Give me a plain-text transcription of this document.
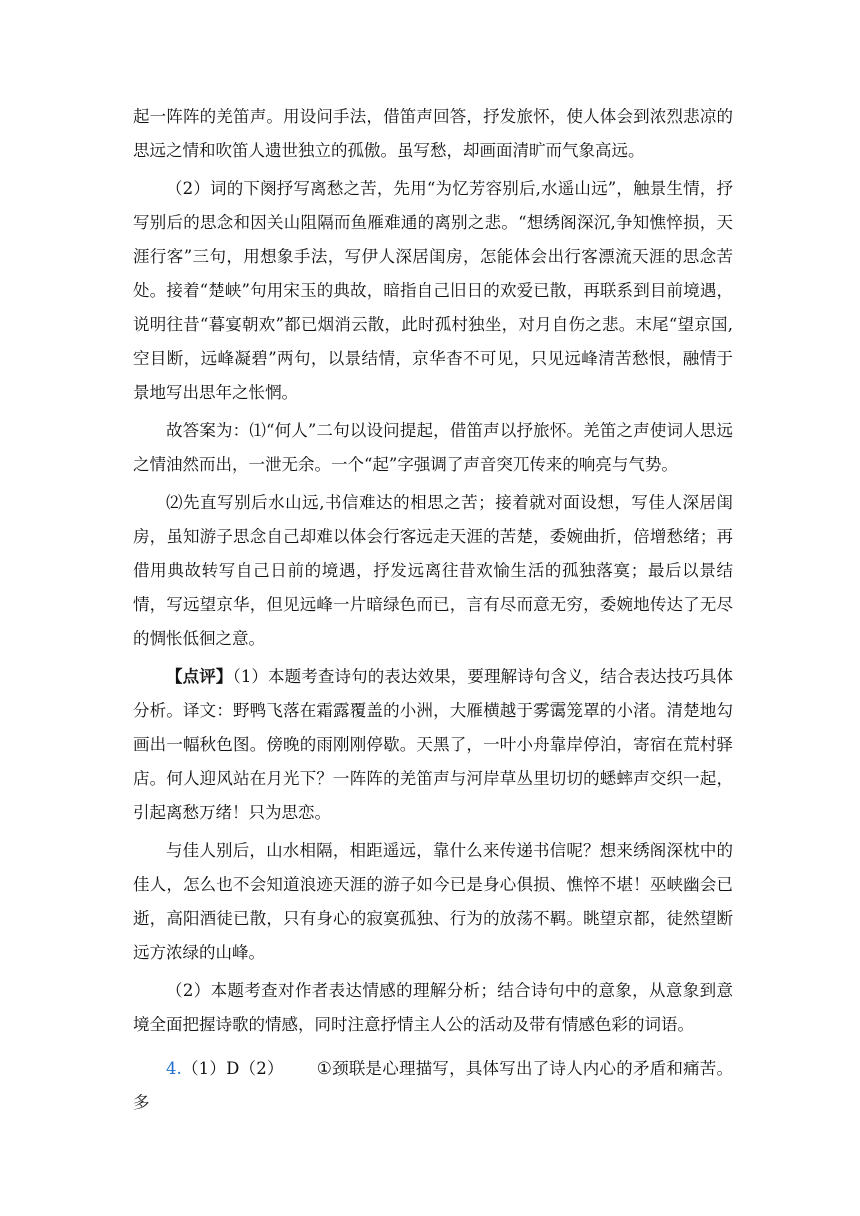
起一阵阵的羌笛声。用设问手法，借笛声回答，抒发旅怀，使人体会到浓烈悲凉的思远之情和吹笛人遗世独立的孤傲。虽写愁，却画面清旷而气象高远。

（2）词的下阕抒写离愁之苦，先用“为忆芳容别后,水遥山远”，触景生情，抒写别后的思念和因关山阻隔而鱼雁难通的离别之悲。“想绣阁深沉,争知憔悴损，天涯行客”三句，用想象手法，写伊人深居闺房，怎能体会出行客漂流天涯的思念苦处。接着“楚峡”句用宋玉的典故，暗指自己旧日的欢爱已散，再联系到目前境遇，说明往昔“暮宴朝欢”都已烟消云散，此时孤村独坐，对月自伤之悲。末尾“望京国,空目断，远峰凝碧”两句，以景结情，京华杳不可见，只见远峰清苦愁恨，融情于景地写出思年之怅惘。

故答案为：⑴“何人”二句以设问提起，借笛声以抒旅怀。羌笛之声使词人思远之情油然而出，一泄无余。一个“起”字强调了声音突兀传来的响亮与气势。

⑵先直写别后水山远,书信难达的相思之苦；接着就对面设想，写佳人深居闺房，虽知游子思念自己却难以体会行客远走天涯的苦楚，委婉曲折，倍增愁绪；再借用典故转写自己日前的境遇，抒发远离往昔欢愉生活的孤独落寞；最后以景结情，写远望京华，但见远峰一片暗绿色而已，言有尽而意无穷，委婉地传达了无尽的惆怅低徊之意。

【点评】（1）本题考查诗句的表达效果，要理解诗句含义，结合表达技巧具体分析。译文：野鸭飞落在霜露覆盖的小洲，大雁横越于雾霭笼罩的小渚。清楚地勾画出一幅秋色图。傍晚的雨刚刚停歇。天黑了，一叶小舟靠岸停泊，寄宿在荒村驿店。何人迎风站在月光下？一阵阵的羌笛声与河岸草丛里切切的蟋蟀声交织一起，引起离愁万绪！只为思恋。

与佳人别后，山水相隔，相距遥远，靠什么来传递书信呢？想来绣阁深枕中的佳人，怎么也不会知道浪迹天涯的游子如今已是身心俱损、憔悴不堪！巫峡幽会已逝，高阳酒徒已散，只有身心的寂寞孤独、行为的放荡不羁。眺望京都，徒然望断远方浓绿的山峰。

（2）本题考查对作者表达情感的理解分析；结合诗句中的意象，从意象到意境全面把握诗歌的情感，同时注意抒情主人公的活动及带有情感色彩的词语。

4.（1）D（2） ①颈联是心理描写，具体写出了诗人内心的矛盾和痛苦。多
